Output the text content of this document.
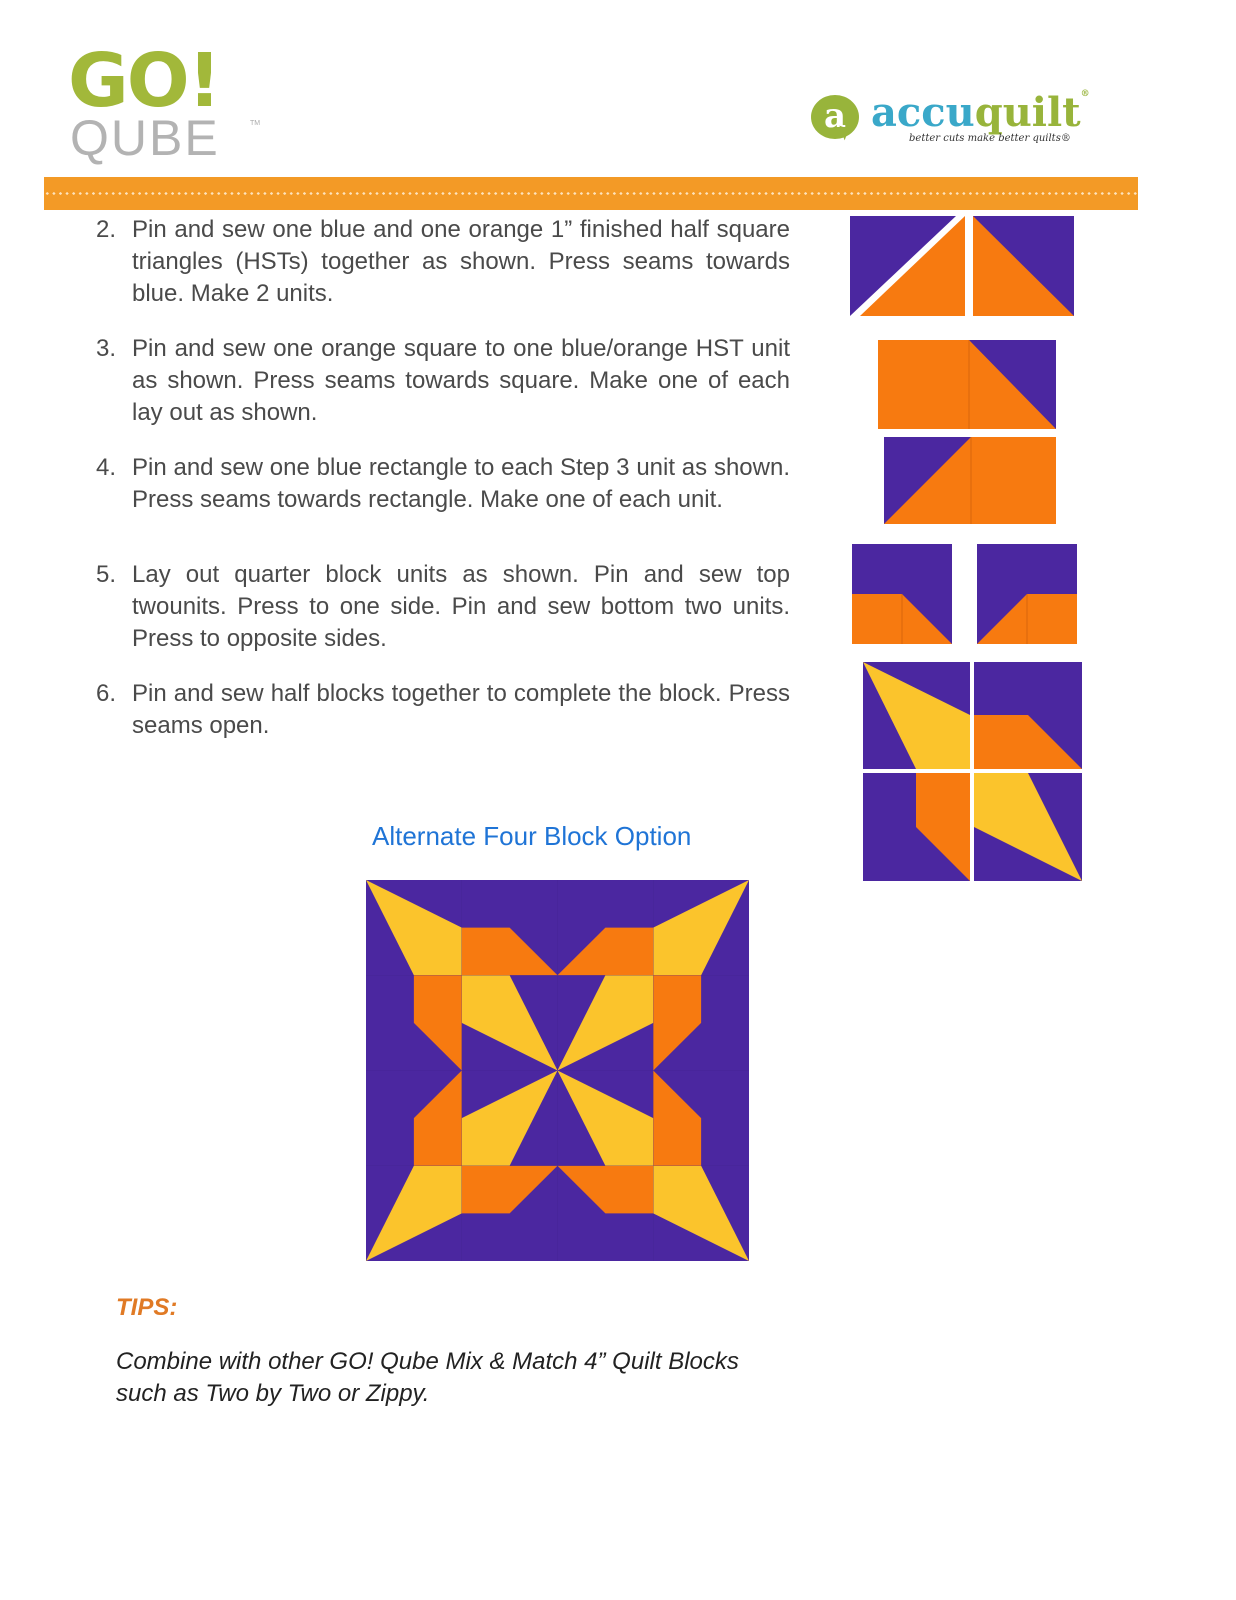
GO!
QUBE	TM	a accuquilt®
better cuts make better quilts®
2. Pin and sew one blue and one orange 1” finished half square triangles (HSTs) together as shown. Press seams towards blue. Make 2 units.
3. Pin and sew one orange square to one blue/orange HST unit as shown. Press seams towards square. Make one of each lay out as shown.
4. Pin and sew one blue rectangle to each Step 3 unit as shown. Press seams towards rectangle. Make one of each unit.
5. Lay out quarter block units as shown. Pin and sew top twounits. Press to one side. Pin and sew bottom two units. Press to opposite sides.
6. Pin and sew half blocks together to complete the block. Press seams open.
Alternate Four Block Option
TIPS:
Combine with other GO! Qube Mix & Match 4” Quilt Blocks such as Two by Two or Zippy.
